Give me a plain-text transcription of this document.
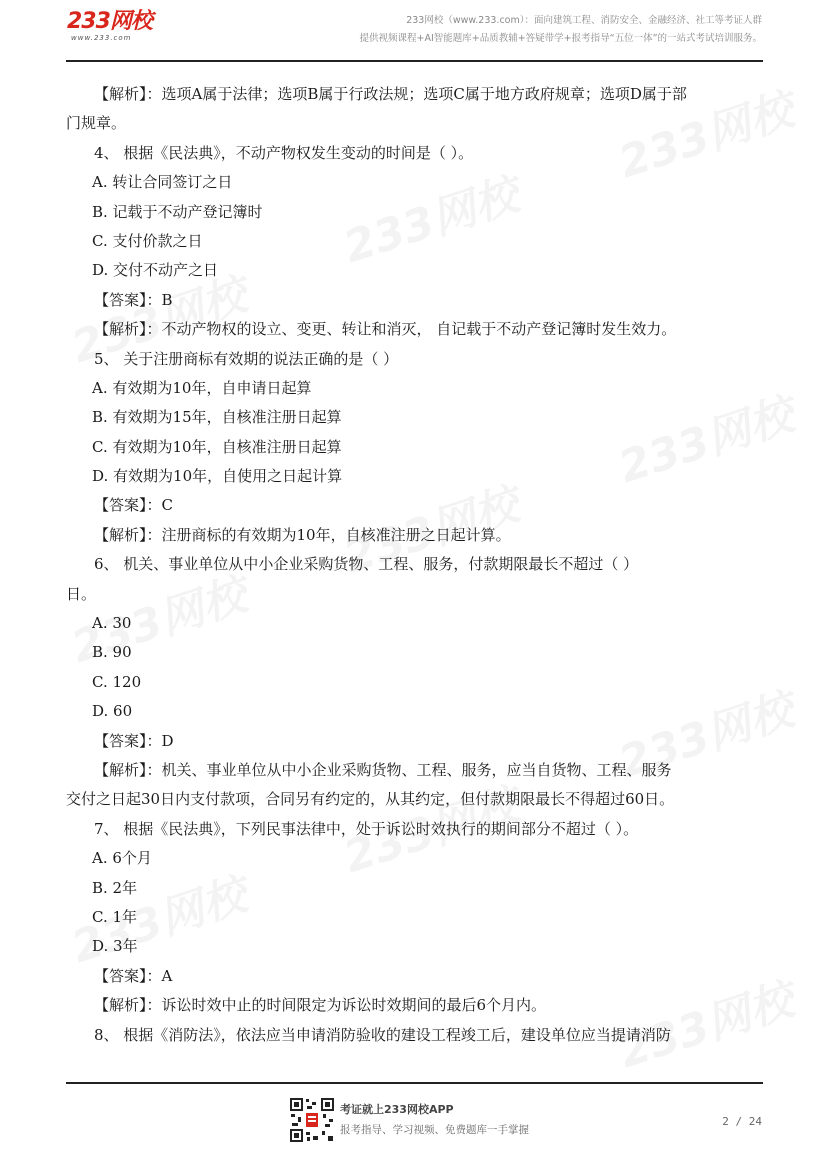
233网校
www.233.com
233网校（www.233.com）：面向建筑工程、消防安全、金融经济、社工等考证人群
提供视频课程+AI智能题库+品质教辅+答疑带学+报考指导“五位一体”的一站式考试培训服务。
【解析】：选项A属于法律；选项B属于行政法规；选项C属于地方政府规章；选项D属于部
门规章。
4、 根据《民法典》，不动产物权发生变动的时间是（ ）。
A. 转让合同签订之日
B. 记载于不动产登记簿时
C. 支付价款之日
D. 交付不动产之日
【答案】：B
【解析】：不动产物权的设立、变更、转让和消灭， 自记载于不动产登记簿时发生效力。
5、 关于注册商标有效期的说法正确的是（ ）
A. 有效期为10年，自申请日起算
B. 有效期为15年，自核准注册日起算
C. 有效期为10年，自核准注册日起算
D. 有效期为10年，自使用之日起计算
【答案】：C
【解析】：注册商标的有效期为10年，自核准注册之日起计算。
6、 机关、事业单位从中小企业采购货物、工程、服务，付款期限最长不超过（ ）
日。
A. 30
B. 90
C. 120
D. 60
【答案】：D
【解析】：机关、事业单位从中小企业采购货物、工程、服务，应当自货物、工程、服务
交付之日起30日内支付款项，合同另有约定的，从其约定，但付款期限最长不得超过60日。
7、 根据《民法典》，下列民事法律中，处于诉讼时效执行的期间部分不超过（ ）。
A. 6个月
B. 2年
C. 1年
D. 3年
【答案】：A
【解析】：诉讼时效中止的时间限定为诉讼时效期间的最后6个月内。
8、 根据《消防法》，依法应当申请消防验收的建设工程竣工后，建设单位应当提请消防
考证就上233网校APP
报考指导、学习视频、免费题库一手掌握
2 / 24
